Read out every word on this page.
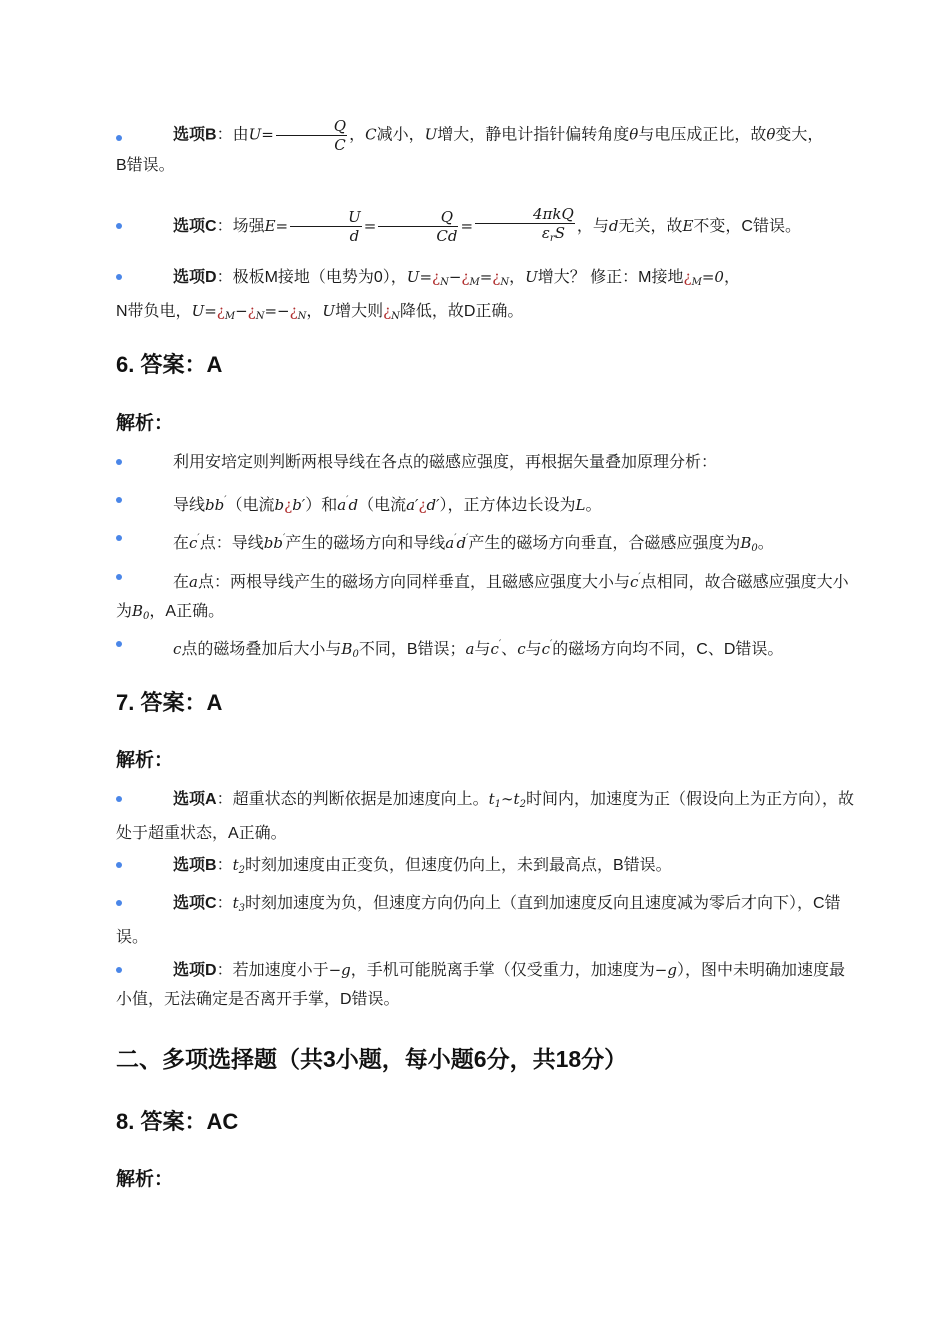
选项B：由$U= \frac{Q}{C}$ ，C减小，U增大，静电计指针偏转角度θ与电压成正比，故θ变大，
B错误。
选项C：场强$E= \frac{U}{d} = \frac{Q}{Cd} = \frac{\text{4πkQ}}{\varepsilon_rS}$ ，与d无关，故E不变，C错误。
选项D：极板M接地（电势为0），$U=¿_N-¿_M=¿_N$，U增大？ 修正：M接地¿$_M=0$，
N带负电，$U=¿_M-¿_N=-¿_N$，U增大则¿$_N$降低，故D正确。
6. 答案：A
解析：
利用安培定则判断两根导线在各点的磁感应强度，再根据矢量叠加原理分析：
导线bb′（电流b¿b′）和a′d（电流a′¿d′），正方体边长设为L。
在c′点：导线bb′产生的磁场方向和导线a′d′产生的磁场方向垂直，合磁感应强度为$B_0$。
在a点：两根导线产生的磁场方向同样垂直，且磁感应强度大小与c′点相同，故合磁感应强度大小为$B_0$，A正确。
c点的磁场叠加后大小与$B_0$不同，B错误；a与c′、c与c′的磁场方向均不同，C、D错误。
7. 答案：A
解析：
选项A：超重状态的判断依据是加速度向上。$t_1\sim t_2$时间内，加速度为正（假设向上为正方向），故处于超重状态，A正确。
选项B：$t_2$时刻加速度由正变负，但速度仍向上，未到最高点，B错误。
选项C：$t_3$时刻加速度为负，但速度方向仍向上（直到加速度反向且速度减为零后才向下），C错误。
选项D：若加速度小于−g，手机可能脱离手掌（仅受重力，加速度为−g），图中未明确加速度最小值，无法确定是否离开手掌，D错误。
二、多项选择题（共3小题，每小题6分，共18分）
8. 答案：AC
解析：
